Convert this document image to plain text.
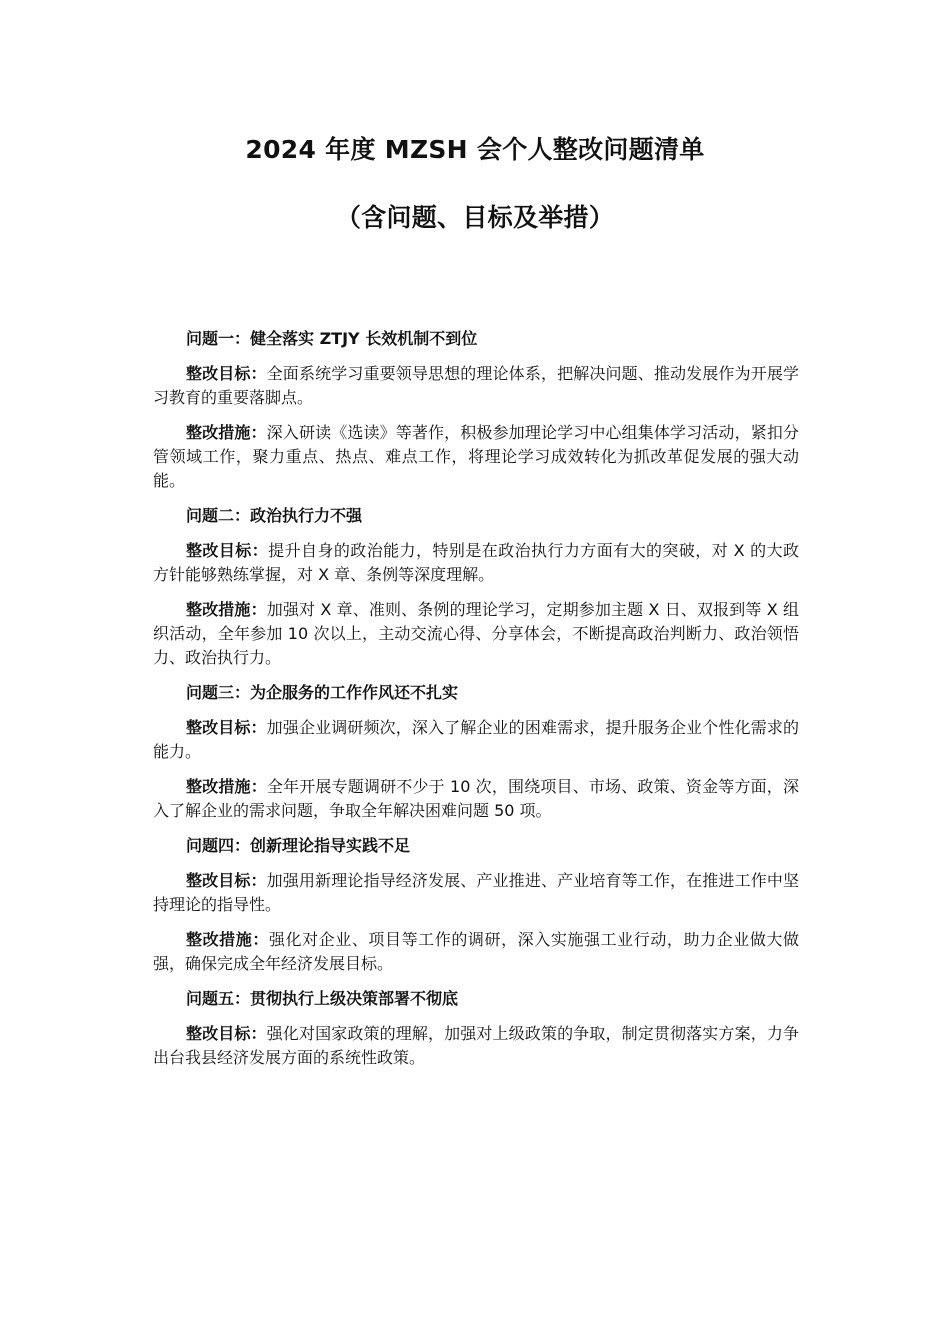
2024 年度 MZSH 会个人整改问题清单
（含问题、目标及举措）

问题一：健全落实 ZTJY 长效机制不到位

整改目标：全面系统学习重要领导思想的理论体系，把解决问题、推动发展作为开展学习教育的重要落脚点。

整改措施：深入研读《选读》等著作，积极参加理论学习中心组集体学习活动，紧扣分管领域工作，聚力重点、热点、难点工作，将理论学习成效转化为抓改革促发展的强大动能。

问题二：政治执行力不强

整改目标：提升自身的政治能力，特别是在政治执行力方面有大的突破，对 X 的大政方针能够熟练掌握，对 X 章、条例等深度理解。

整改措施：加强对 X 章、准则、条例的理论学习，定期参加主题 X 日、双报到等 X 组织活动，全年参加 10 次以上，主动交流心得、分享体会，不断提高政治判断力、政治领悟力、政治执行力。

问题三：为企服务的工作作风还不扎实

整改目标：加强企业调研频次，深入了解企业的困难需求，提升服务企业个性化需求的能力。

整改措施：全年开展专题调研不少于 10 次，围绕项目、市场、政策、资金等方面，深入了解企业的需求问题，争取全年解决困难问题 50 项。

问题四：创新理论指导实践不足

整改目标：加强用新理论指导经济发展、产业推进、产业培育等工作，在推进工作中坚持理论的指导性。

整改措施：强化对企业、项目等工作的调研，深入实施强工业行动，助力企业做大做强，确保完成全年经济发展目标。

问题五：贯彻执行上级决策部署不彻底

整改目标：强化对国家政策的理解，加强对上级政策的争取，制定贯彻落实方案，力争出台我县经济发展方面的系统性政策。
